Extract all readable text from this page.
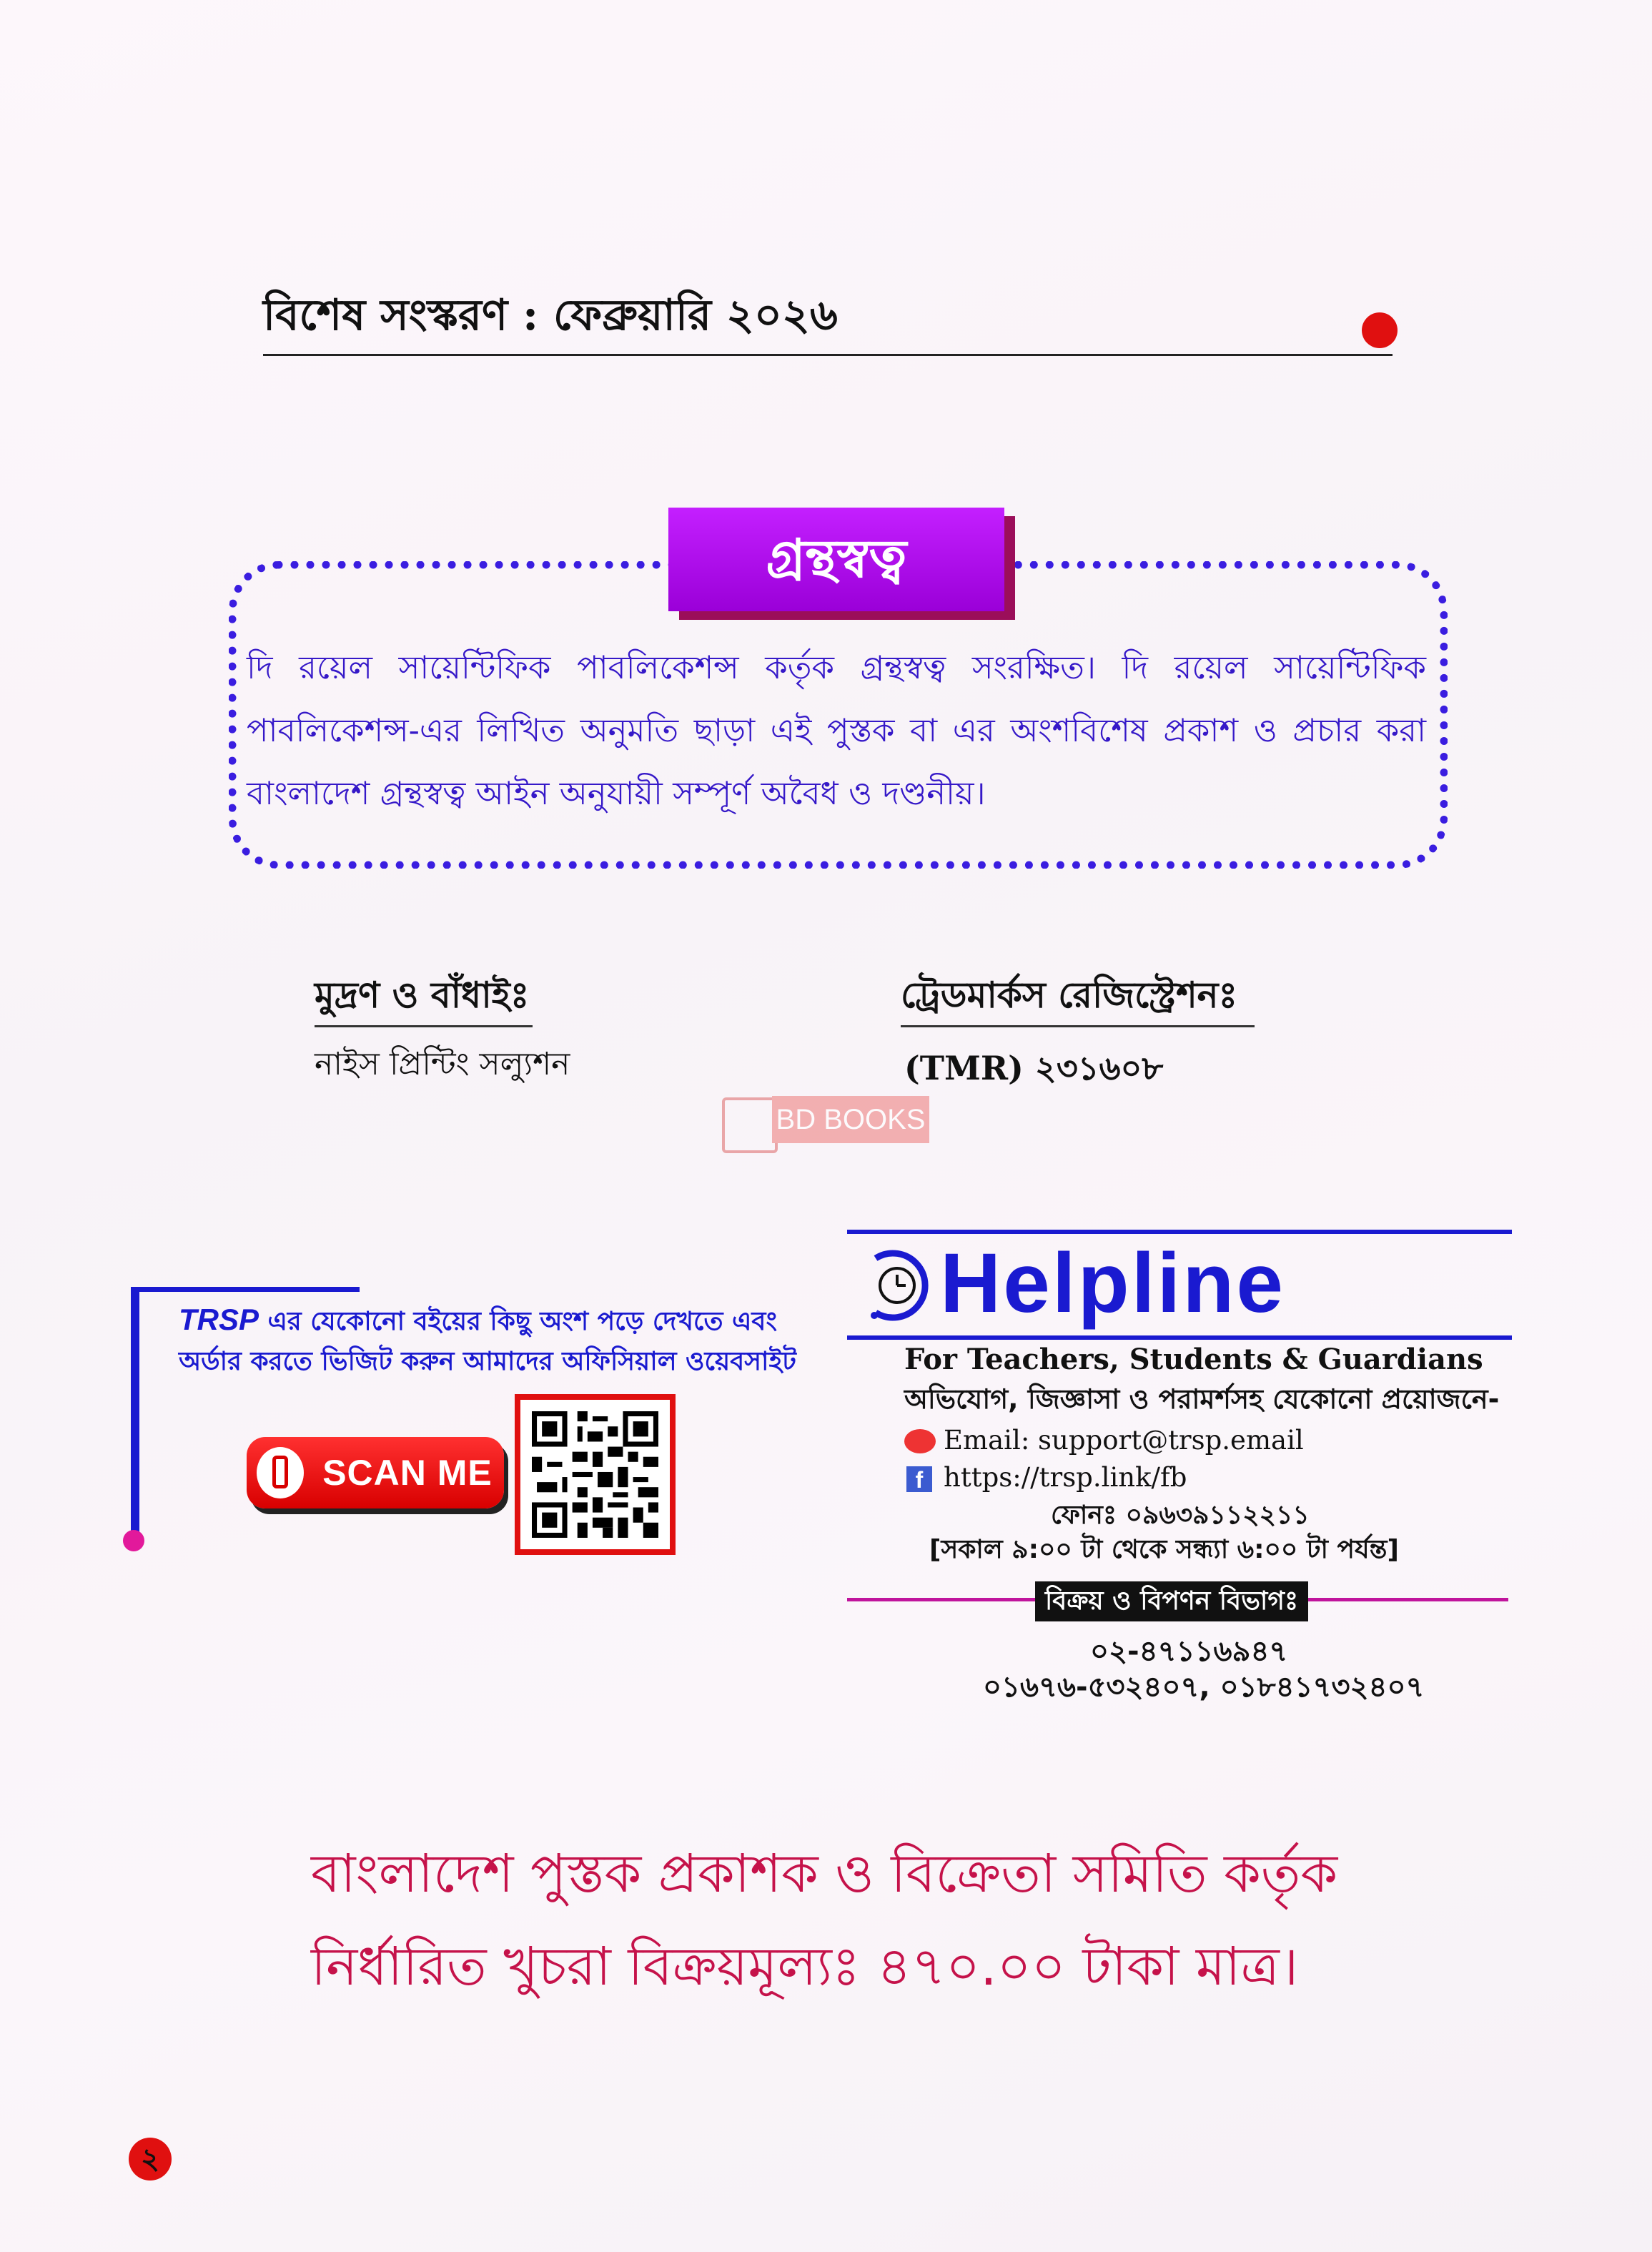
বিশেষ সংস্করণ : ফেব্রুয়ারি ২০২৬
গ্রন্থস্বত্ব
দি রয়েল সায়েন্টিফিক পাবলিকেশন্স কর্তৃক গ্রন্থস্বত্ব সংরক্ষিত। দি রয়েল সায়েন্টিফিক পাবলিকেশন্স-এর লিখিত অনুমতি ছাড়া এই পুস্তক বা এর অংশবিশেষ প্রকাশ ও প্রচার করা বাংলাদেশ গ্রন্থস্বত্ব আইন অনুযায়ী সম্পূর্ণ অবৈধ ও দণ্ডনীয়।
মুদ্রণ ও বাঁধাইঃ
নাইস প্রিন্টিং সল্যুশন
ট্রেডমার্কস রেজিস্ট্রেশনঃ
(TMR) ২৩১৬০৮
BD BOOKS
TRSP এর যেকোনো বইয়ের কিছু অংশ পড়ে দেখতে এবং
অর্ডার করতে ভিজিট করুন আমাদের অফিসিয়াল ওয়েবসাইট
SCAN ME
Helpline
For Teachers, Students & Guardians
অভিযোগ, জিজ্ঞাসা ও পরামর্শসহ যেকোনো প্রয়োজনে-
Email: support@trsp.email
f https://trsp.link/fb
ফোনঃ ০৯৬৩৯১১২২১১
[সকাল ৯:০০ টা থেকে সন্ধ্যা ৬:০০ টা পর্যন্ত]
বিক্রয় ও বিপণন বিভাগঃ
০২-৪৭১১৬৯৪৭
০১৬৭৬-৫৩২৪০৭, ০১৮৪১৭৩২৪০৭
বাংলাদেশ পুস্তক প্রকাশক ও বিক্রেতা সমিতি কর্তৃক
নির্ধারিত খুচরা বিক্রয়মূল্যঃ ৪৭০.০০ টাকা মাত্র।
২
